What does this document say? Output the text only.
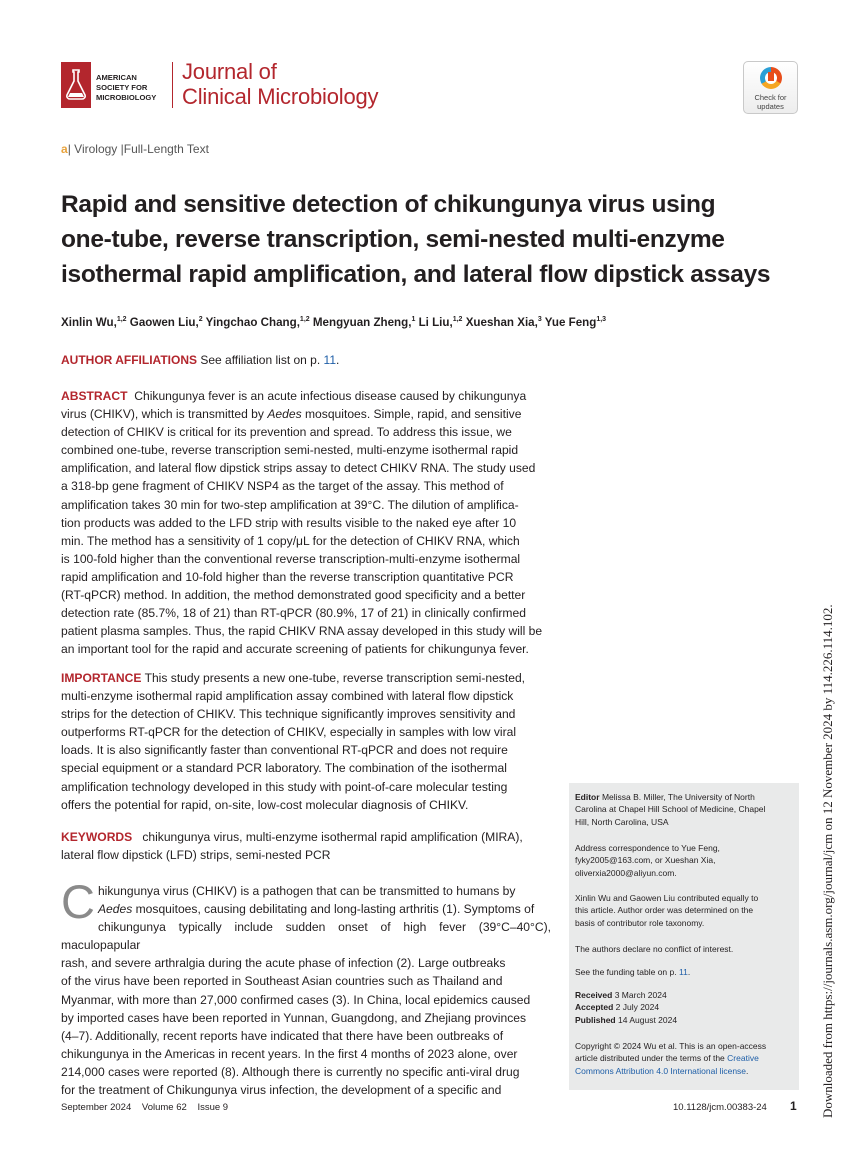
AMERICAN
SOCIETY FOR
MICROBIOLOGY
Journal of
Clinical Microbiology	Check for
updates
a| Virology |Full-Length Text
Rapid and sensitive detection of chikungunya virus using
one-tube, reverse transcription, semi-nested multi-enzyme
isothermal rapid amplification, and lateral flow dipstick assays
Xinlin Wu,$^{1,2}$ Gaowen Liu,$^2$ Yingchao Chang,$^{1,2}$ Mengyuan Zheng,$^1$ Li Liu,$^{1,2}$ Xueshan Xia,$^3$ Yue Feng$^{1,3}$
AUTHOR AFFILIATIONS See affiliation list on p. 11.
ABSTRACT Chikungunya fever is an acute infectious disease caused by chikungunya
virus (CHIKV), which is transmitted by Aedes mosquitoes. Simple, rapid, and sensitive
detection of CHIKV is critical for its prevention and spread. To address this issue, we
combined one-tube, reverse transcription semi-nested, multi-enzyme isothermal rapid
amplification, and lateral flow dipstick strips assay to detect CHIKV RNA. The study used
a 318-bp gene fragment of CHIKV NSP4 as the target of the assay. This method of
amplification takes 30 min for two-step amplification at 39°C. The dilution of amplifica-
tion products was added to the LFD strip with results visible to the naked eye after 10
min. The method has a sensitivity of 1 copy/μL for the detection of CHIKV RNA, which
is 100-fold higher than the conventional reverse transcription-multi-enzyme isothermal
rapid amplification and 10-fold higher than the reverse transcription quantitative PCR
(RT-qPCR) method. In addition, the method demonstrated good specificity and a better
detection rate (85.7%, 18 of 21) than RT-qPCR (80.9%, 17 of 21) in clinically confirmed
patient plasma samples. Thus, the rapid CHIKV RNA assay developed in this study will be
an important tool for the rapid and accurate screening of patients for chikungunya fever.
IMPORTANCE This study presents a new one-tube, reverse transcription semi-nested,
multi-enzyme isothermal rapid amplification assay combined with lateral flow dipstick
strips for the detection of CHIKV. This technique significantly improves sensitivity and
outperforms RT-qPCR for the detection of CHIKV, especially in samples with low viral
loads. It is also significantly faster than conventional RT-qPCR and does not require
special equipment or a standard PCR laboratory. The combination of the isothermal
amplification technology developed in this study with point-of-care molecular testing
offers the potential for rapid, on-site, low-cost molecular diagnosis of CHIKV.
KEYWORDS chikungunya virus, multi-enzyme isothermal rapid amplification (MIRA),
lateral flow dipstick (LFD) strips, semi-nested PCR
C hikungunya virus (CHIKV) is a pathogen that can be transmitted to humans by
Aedes mosquitoes, causing debilitating and long-lasting arthritis (1). Symptoms of
chikungunya typically include sudden onset of high fever (39°C–40°C), maculopapular
rash, and severe arthralgia during the acute phase of infection (2). Large outbreaks
of the virus have been reported in Southeast Asian countries such as Thailand and
Myanmar, with more than 27,000 confirmed cases (3). In China, local epidemics caused
by imported cases have been reported in Yunnan, Guangdong, and Zhejiang provinces
(4–7). Additionally, recent reports have indicated that there have been outbreaks of
chikungunya in the Americas in recent years. In the first 4 months of 2023 alone, over
214,000 cases were reported (8). Although there is currently no specific anti-viral drug
for the treatment of Chikungunya virus infection, the development of a specific and
Editor Melissa B. Miller, The University of North
Carolina at Chapel Hill School of Medicine, Chapel
Hill, North Carolina, USA
Address correspondence to Yue Feng,
fyky2005@163.com, or Xueshan Xia,
oliverxia2000@aliyun.com.
Xinlin Wu and Gaowen Liu contributed equally to
this article. Author order was determined on the
basis of contributor role taxonomy.
The authors declare no conflict of interest.
See the funding table on p. 11.
Received 3 March 2024
Accepted 2 July 2024
Published 14 August 2024
Copyright © 2024 Wu et al. This is an open-access
article distributed under the terms of the Creative
Commons Attribution 4.0 International license.
September 2024 Volume 62 Issue 9	10.1128/jcm.00383-24 1 Downloaded from https://journals.asm.org/journal/jcm on 12 November 2024 by 114.226.114.102.
